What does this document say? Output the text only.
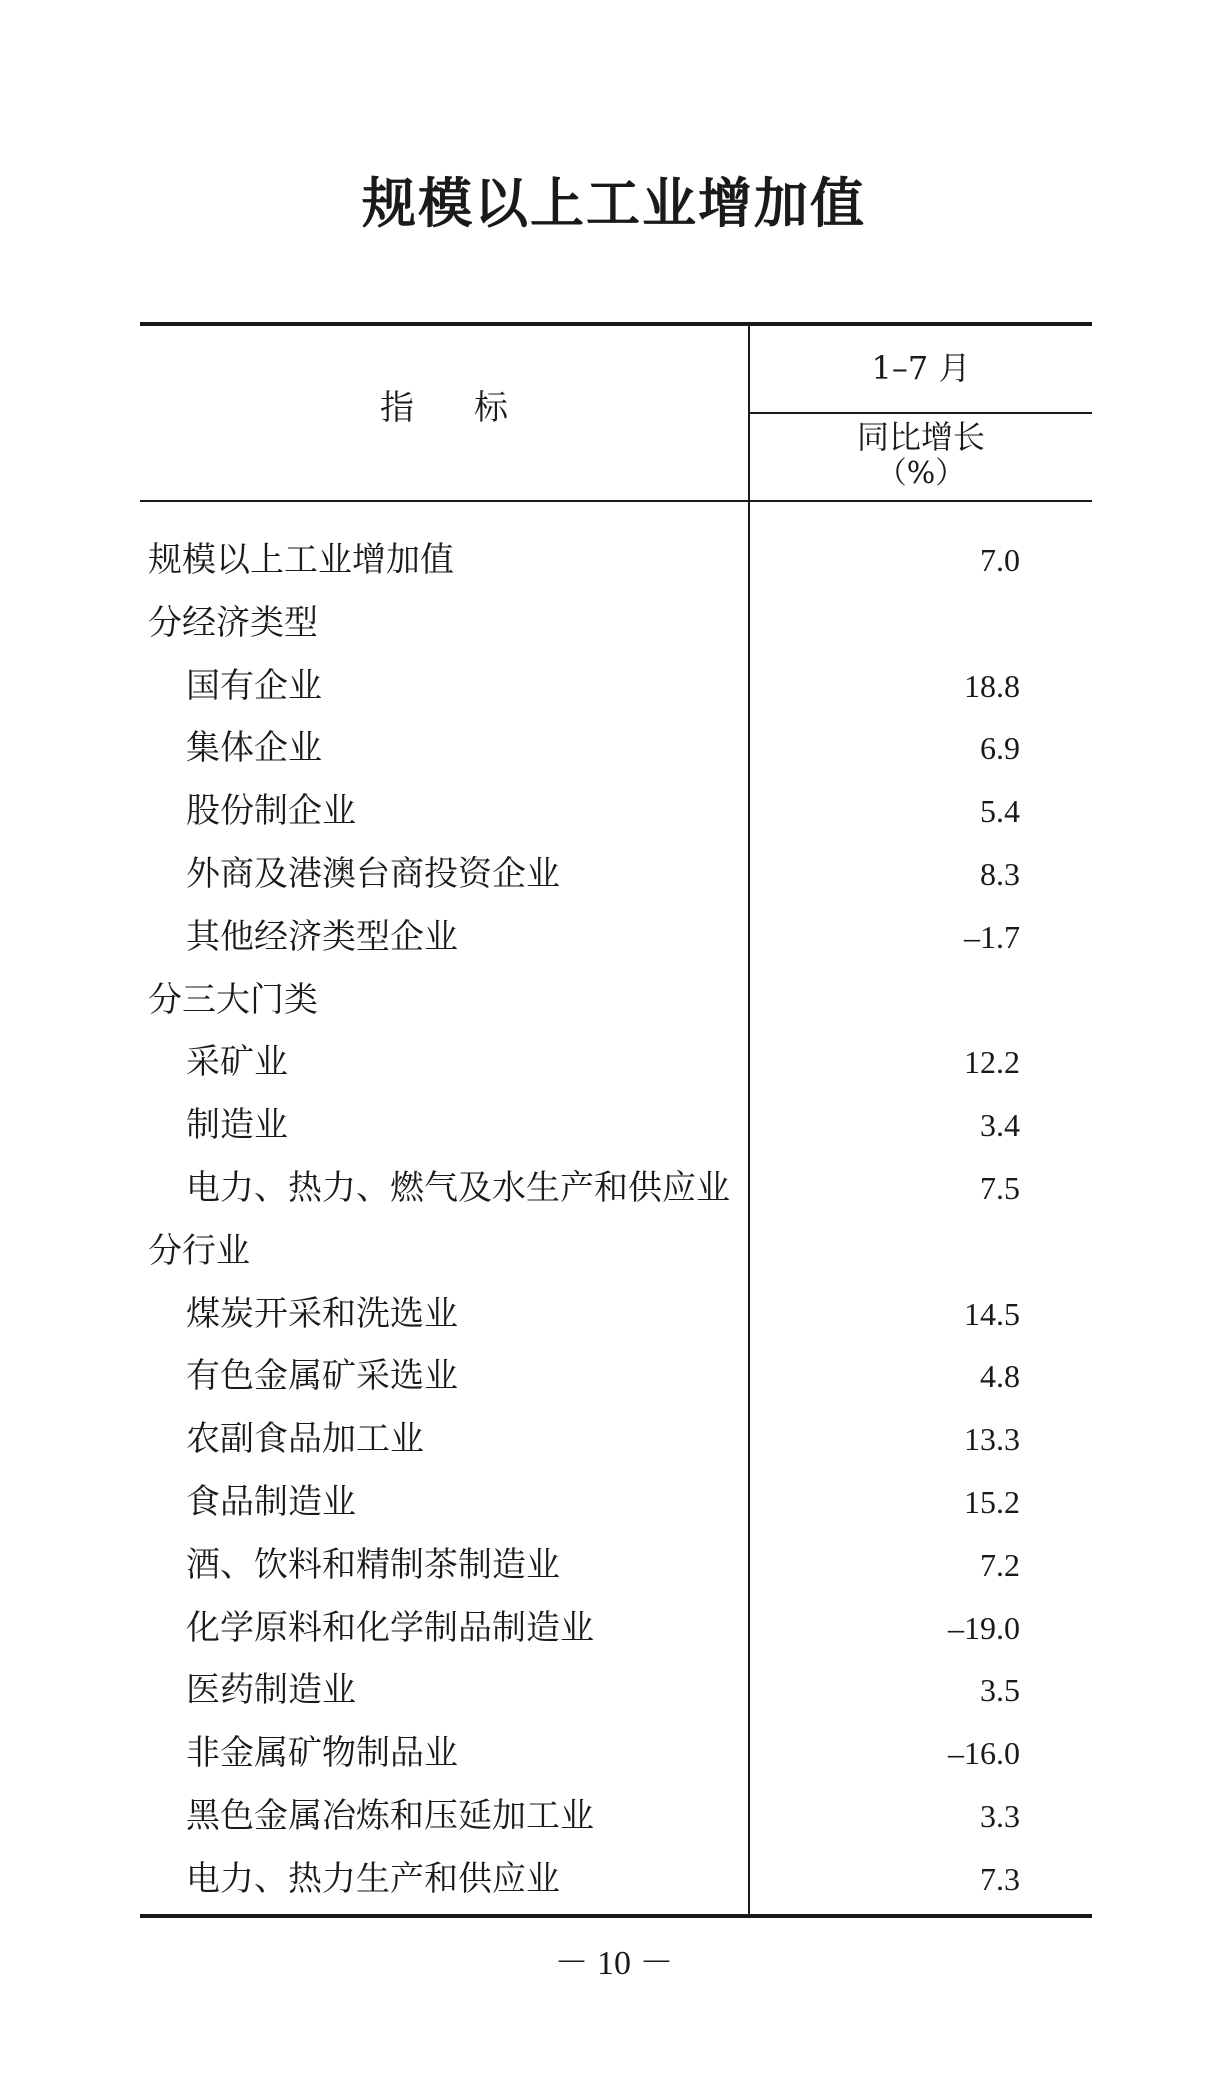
规模以上工业增加值
指 标
1–7 月
同比增长
（%）
规模以上工业增加值	7.0
分经济类型
国有企业	18.8
集体企业	6.9
股份制企业	5.4
外商及港澳台商投资企业	8.3
其他经济类型企业	–1.7
分三大门类
采矿业	12.2
制造业	3.4
电力、热力、燃气及水生产和供应业	7.5
分行业
煤炭开采和洗选业	14.5
有色金属矿采选业	4.8
农副食品加工业	13.3
食品制造业	15.2
酒、饮料和精制茶制造业	7.2
化学原料和化学制品制造业	–19.0
医药制造业	3.5
非金属矿物制品业	–16.0
黑色金属冶炼和压延加工业	3.3
电力、热力生产和供应业	7.3
－ 10 －
